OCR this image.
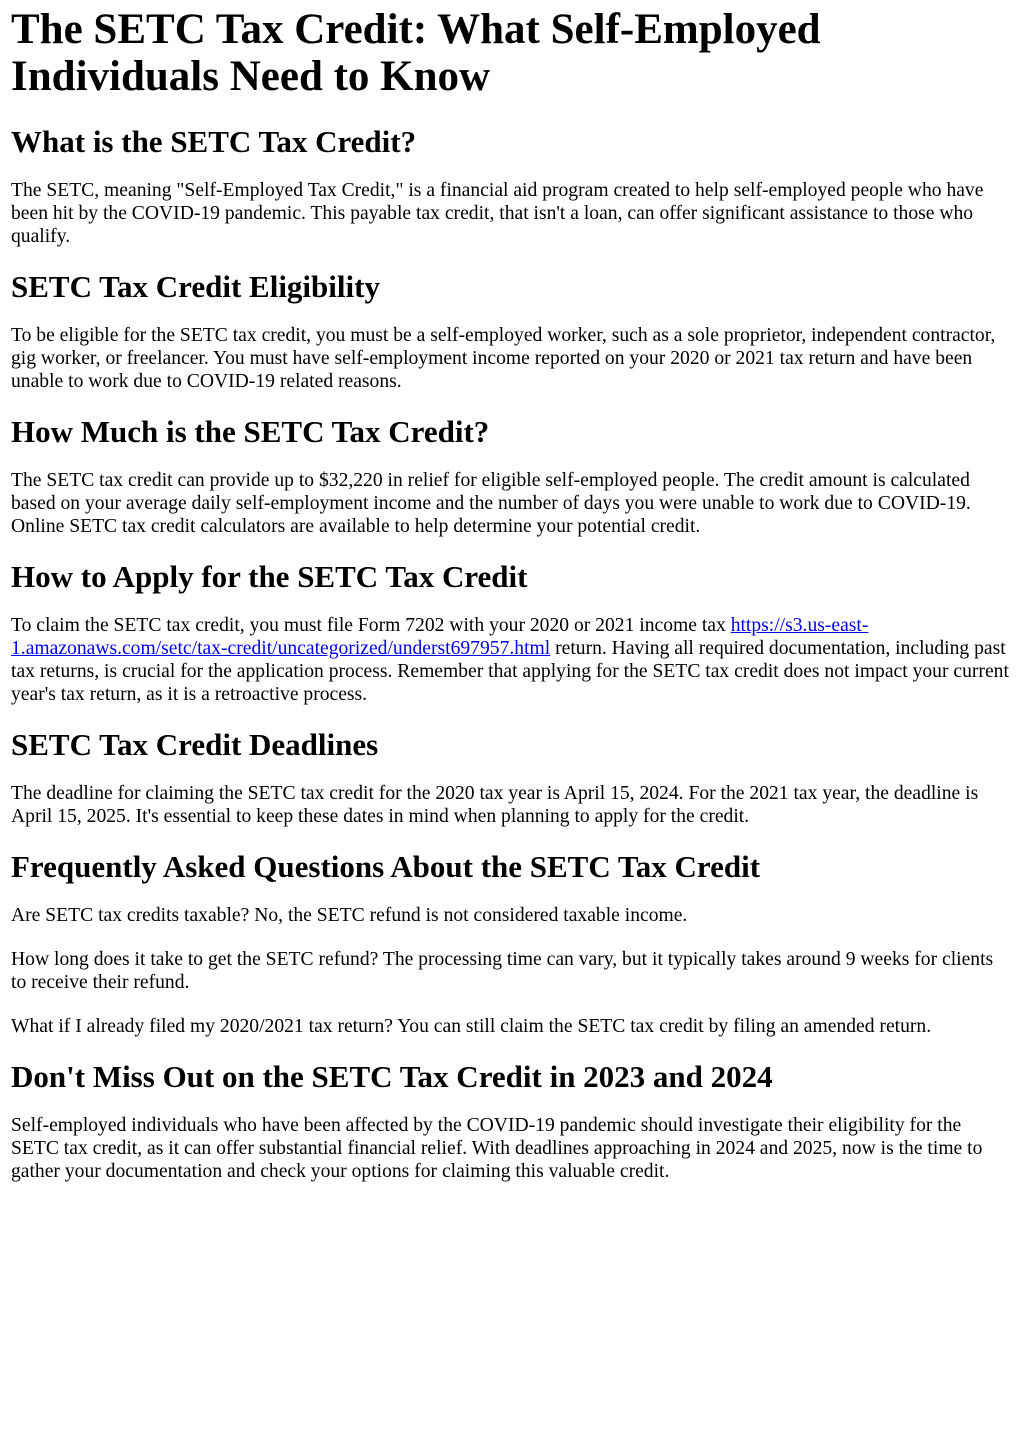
The SETC Tax Credit: What Self-Employed Individuals Need to Know
What is the SETC Tax Credit?

The SETC, meaning "Self-Employed Tax Credit," is a financial aid program created to help self-employed people who have been hit by the COVID-19 pandemic. This payable tax credit, that isn't a loan, can offer significant assistance to those who qualify.

SETC Tax Credit Eligibility

To be eligible for the SETC tax credit, you must be a self-employed worker, such as a sole proprietor, independent contractor, gig worker, or freelancer. You must have self-employment income reported on your 2020 or 2021 tax return and have been unable to work due to COVID-19 related reasons.

How Much is the SETC Tax Credit?

The SETC tax credit can provide up to $32,220 in relief for eligible self-employed people. The credit amount is calculated based on your average daily self-employment income and the number of days you were unable to work due to COVID-19. Online SETC tax credit calculators are available to help determine your potential credit.

How to Apply for the SETC Tax Credit

To claim the SETC tax credit, you must file Form 7202 with your 2020 or 2021 income tax https://s3.us-east-1.amazonaws.com/setc/tax-credit/uncategorized/underst697957.html return. Having all required documentation, including past tax returns, is crucial for the application process. Remember that applying for the SETC tax credit does not impact your current year's tax return, as it is a retroactive process.

SETC Tax Credit Deadlines

The deadline for claiming the SETC tax credit for the 2020 tax year is April 15, 2024. For the 2021 tax year, the deadline is April 15, 2025. It's essential to keep these dates in mind when planning to apply for the credit.

Frequently Asked Questions About the SETC Tax Credit

Are SETC tax credits taxable? No, the SETC refund is not considered taxable income.

How long does it take to get the SETC refund? The processing time can vary, but it typically takes around 9 weeks for clients to receive their refund.

What if I already filed my 2020/2021 tax return? You can still claim the SETC tax credit by filing an amended return.

Don't Miss Out on the SETC Tax Credit in 2023 and 2024

Self-employed individuals who have been affected by the COVID-19 pandemic should investigate their eligibility for the SETC tax credit, as it can offer substantial financial relief. With deadlines approaching in 2024 and 2025, now is the time to gather your documentation and check your options for claiming this valuable credit.
